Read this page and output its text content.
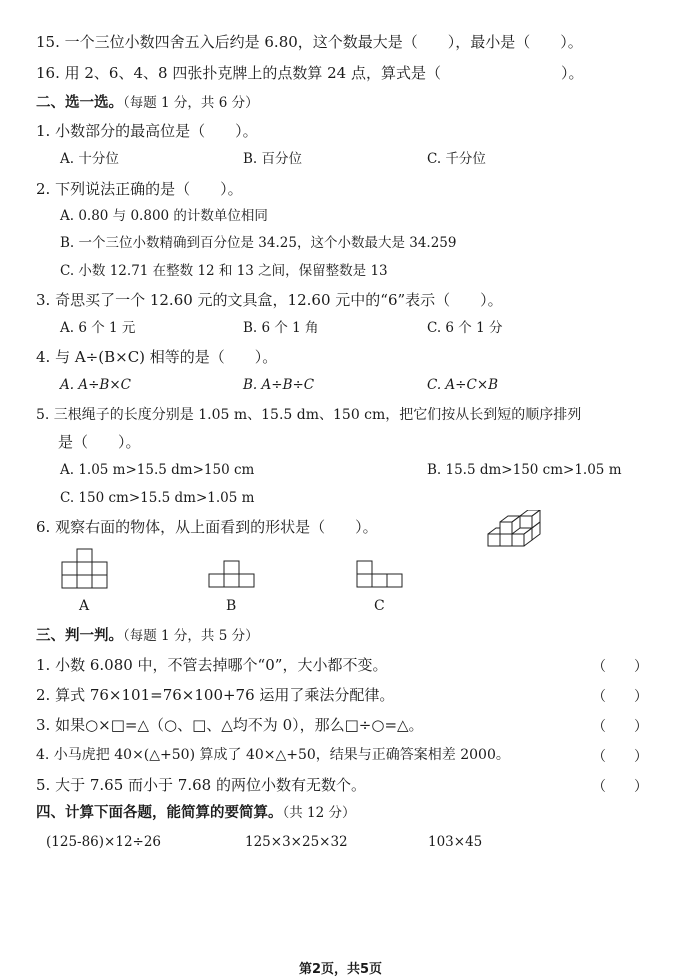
15. 一个三位小数四舍五入后约是 6.80，这个数最大是（　　），最小是（　　）。
16. 用 2、6、4、8 四张扑克牌上的点数算 24 点，算式是（　　　　　　　　）。
二、选一选。（每题 1 分，共 6 分）
1. 小数部分的最高位是（　　）。
A. 十分位	B. 百分位	C. 千分位
2. 下列说法正确的是（　　）。
A. 0.80 与 0.800 的计数单位相同
B. 一个三位小数精确到百分位是 34.25，这个小数最大是 34.259
C. 小数 12.71 在整数 12 和 13 之间，保留整数是 13
3. 奇思买了一个 12.60 元的文具盒，12.60 元中的“6”表示（　　）。
A. 6 个 1 元	B. 6 个 1 角	C. 6 个 1 分
4. 与 A÷(B×C) 相等的是（　　）。
A. A÷B×C	B. A÷B÷C	C. A÷C×B
5. 三根绳子的长度分别是 1.05 m、15.5 dm、150 cm，把它们按从长到短的顺序排列
是（　　）。
A. 1.05 m>15.5 dm>150 cm	B. 15.5 dm>150 cm>1.05 m
C. 150 cm>15.5 dm>1.05 m
6. 观察右面的物体，从上面看到的形状是（　　）。
A	B	C
三、判一判。（每题 1 分，共 5 分）
1. 小数 6.080 中，不管去掉哪个“0”，大小都不变。	（　　）
2. 算式 76×101=76×100+76 运用了乘法分配律。	（　　）
3. 如果○×□=△（○、□、△均不为 0），那么□÷○=△。	（　　）
4. 小马虎把 40×(△+50) 算成了 40×△+50，结果与正确答案相差 2000。	（　　）
5. 大于 7.65 而小于 7.68 的两位小数有无数个。	（　　）
四、计算下面各题，能简算的要简算。（共 12 分）
(125-86)×12÷26	125×3×25×32	103×45
第2页，共5页
